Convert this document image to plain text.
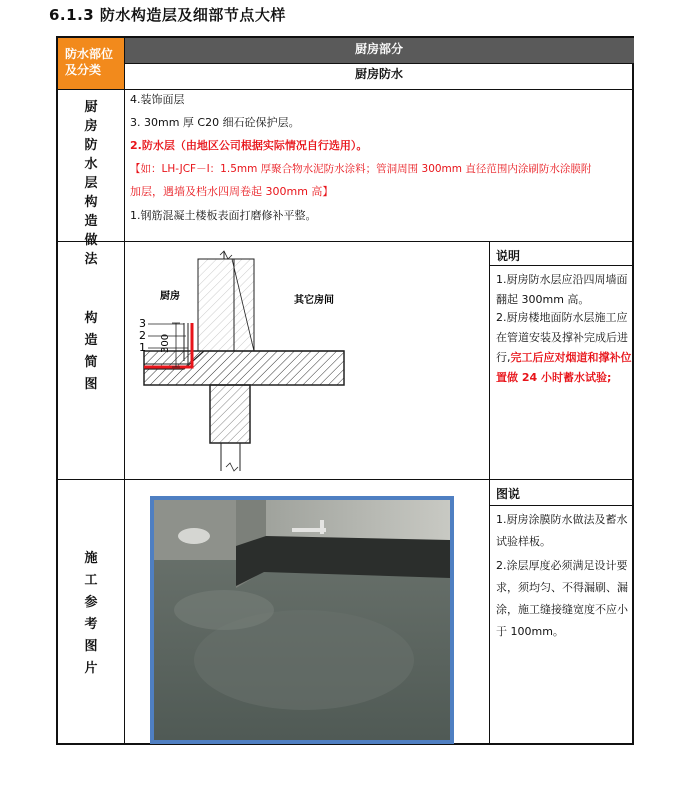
6.1.3 防水构造层及细部节点大样
防水部位及分类
厨房部分
厨房防水
厨房防水层构造做法
4.装饰面层
3. 30mm 厚 C20 细石砼保护层。
2.防水层（由地区公司根据实际情况自行选用）。
【如：LH-JCF－Ⅰ：1.5mm 厚聚合物水泥防水涂料；管洞周围 300mm 直径范围内涂刷防水涂膜附
加层，遇墙及档水四周卷起 300mm 高】
1.钢筋混凝土楼板表面打磨修补平整。
构造简图
300
3
2
1
厨房	其它房间
说明
1.厨房防水层应沿四周墙面翻起 300mm 高。
2.厨房楼地面防水层施工应在管道安装及撑补完成后进行,完工后应对烟道和撑补位置做 24 小时蓄水试验;
施工参考图片
图说
1.厨房涂膜防水做法及蓄水试验样板。
2.涂层厚度必须满足设计要求，须均匀、不得漏刷、漏涂，施工缝接缝宽度不应小于 100mm。
